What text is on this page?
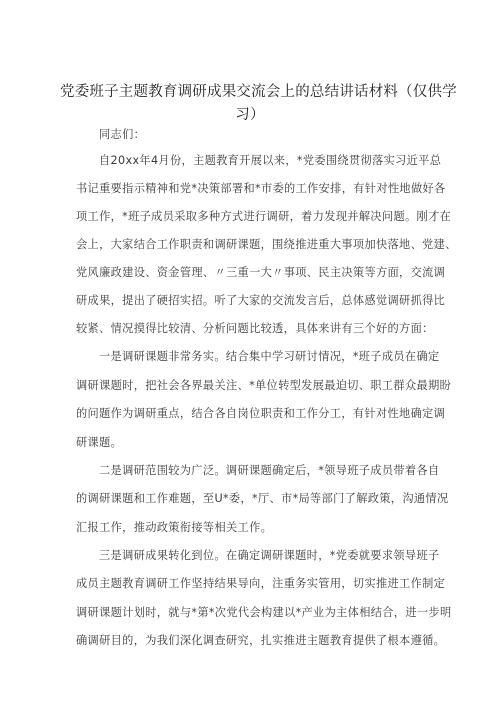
党委班子主题教育调研成果交流会上的总结讲话材料（仅供学
习）
同志们：
自20xx年4月份，主题教育开展以来，*党委围绕贯彻落实习近平总
书记重要指示精神和党*决策部署和*市委的工作安排，有针对性地做好各
项工作，*班子成员采取多种方式进行调研，着力发现并解决问题。刚才在
会上，大家结合工作职责和调研课题，围绕推进重大事项加快落地、党建、
党风廉政建设、资金管理、〃三重一大〃事项、民主决策等方面，交流调
研成果，提出了硬招实招。听了大家的交流发言后，总体感觉调研抓得比
较紧、情况摸得比较清、分析问题比较透，具体来讲有三个好的方面：
一是调研课题非常务实。结合集中学习研讨情况，*班子成员在确定
调研课题时，把社会各界最关注、*单位转型发展最迫切、职工群众最期盼
的问题作为调研重点，结合各自岗位职责和工作分工，有针对性地确定调
研课题。
二是调研范围较为广泛。调研课题确定后，*领导班子成员带着各自
的调研课题和工作难题，至U*委，*厅、市*局等部门了解政策，沟通情况
汇报工作，推动政策衔接等相关工作。
三是调研成果转化到位。在确定调研课题时，*党委就要求领导班子
成员主题教育调研工作坚持结果导向，注重务实管用，切实推进工作制定
调研课题计划时，就与*第*次党代会构建以*产业为主体相结合，进一步明
确调研目的，为我们深化调查研究，扎实推进主题教育提供了根本遵循。
